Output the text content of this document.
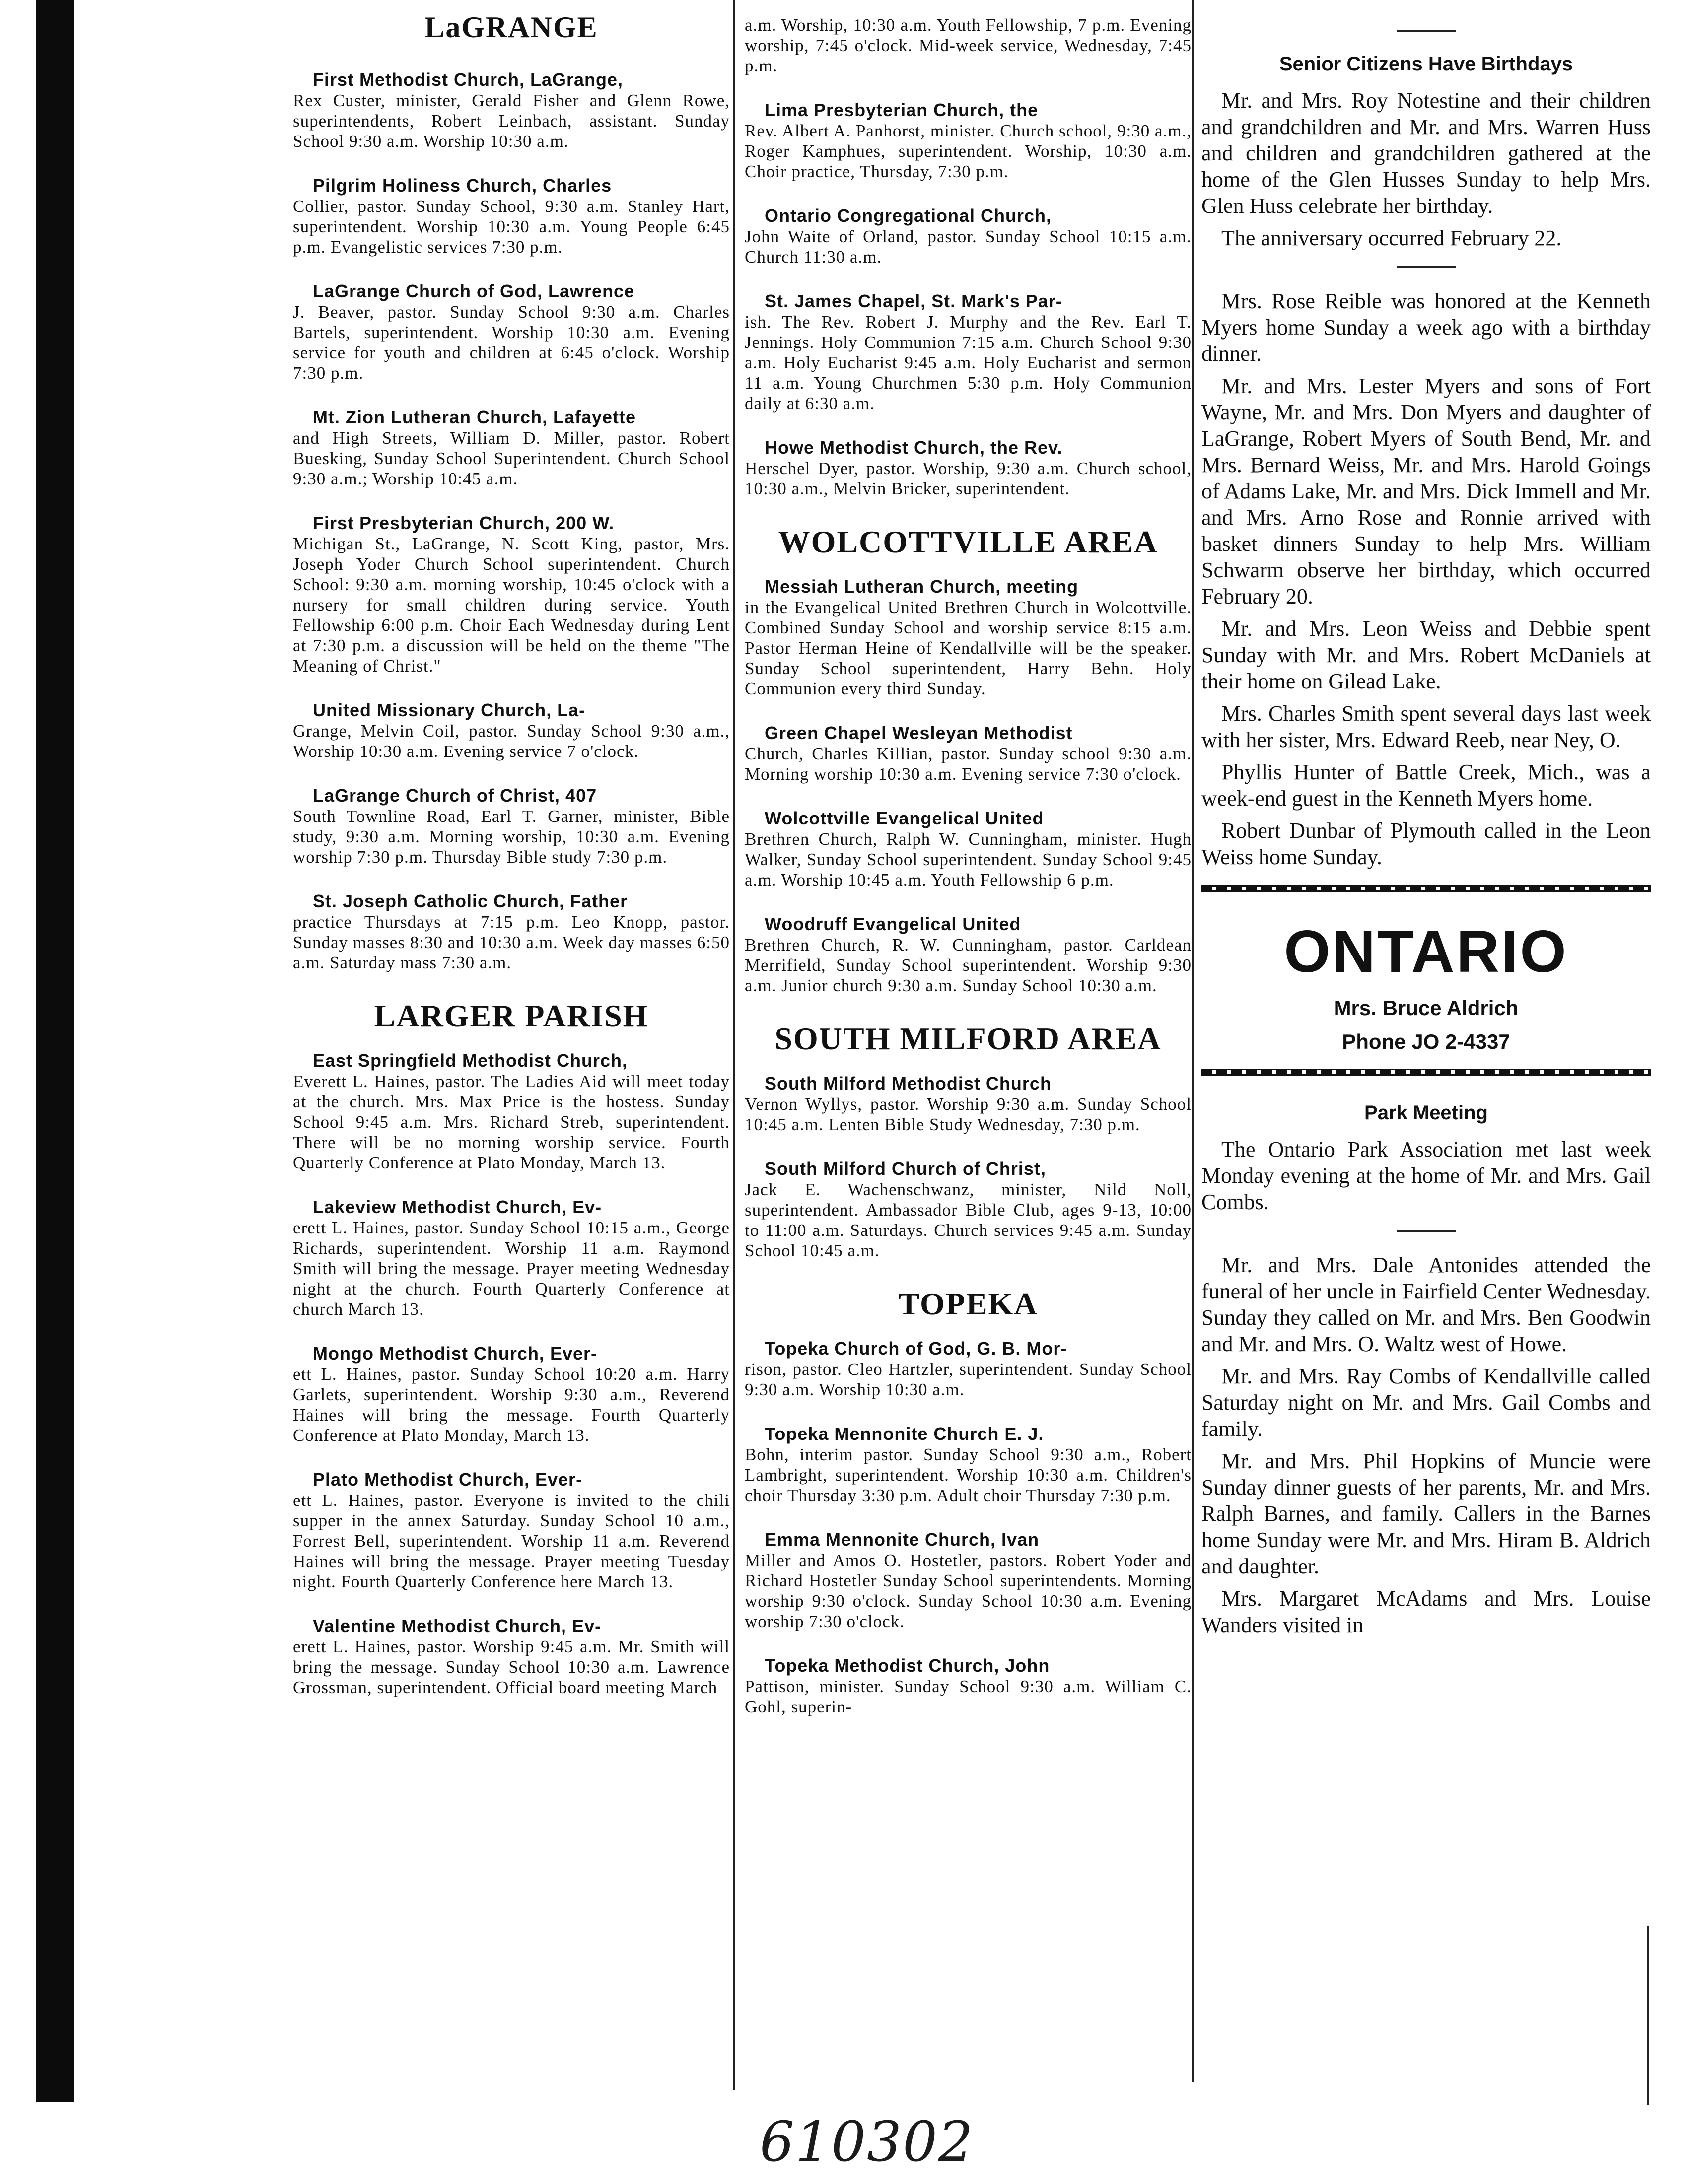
LaGRANGE

First Methodist Church, LaGrange,

Rex Custer, minister, Gerald Fisher and Glenn Rowe, superintendents, Robert Leinbach, assistant. Sunday School 9:30 a.m. Worship 10:30 a.m.

Pilgrim Holiness Church, Charles

Collier, pastor. Sunday School, 9:30 a.m. Stanley Hart, superintendent. Worship 10:30 a.m. Young People 6:45 p.m. Evangelistic services 7:30 p.m.

LaGrange Church of God, Lawrence

J. Beaver, pastor. Sunday School 9:30 a.m. Charles Bartels, superintendent. Worship 10:30 a.m. Evening service for youth and children at 6:45 o'clock. Worship 7:30 p.m.

Mt. Zion Lutheran Church, Lafayette

and High Streets, William D. Miller, pastor. Robert Buesking, Sunday School Superintendent. Church School 9:30 a.m.; Worship 10:45 a.m.

First Presbyterian Church, 200 W.

Michigan St., LaGrange, N. Scott King, pastor, Mrs. Joseph Yoder Church School superintendent. Church School: 9:30 a.m. morning worship, 10:45 o'clock with a nursery for small children during service. Youth Fellowship 6:00 p.m. Choir Each Wednesday during Lent at 7:30 p.m. a discussion will be held on the theme "The Meaning of Christ."

United Missionary Church, La-

Grange, Melvin Coil, pastor. Sunday School 9:30 a.m., Worship 10:30 a.m. Evening service 7 o'clock.

LaGrange Church of Christ, 407

South Townline Road, Earl T. Garner, minister, Bible study, 9:30 a.m. Morning worship, 10:30 a.m. Evening worship 7:30 p.m. Thursday Bible study 7:30 p.m.

St. Joseph Catholic Church, Father

practice Thursdays at 7:15 p.m. Leo Knopp, pastor. Sunday masses 8:30 and 10:30 a.m. Week day masses 6:50 a.m. Saturday mass 7:30 a.m.

LARGER PARISH

East Springfield Methodist Church,

Everett L. Haines, pastor. The Ladies Aid will meet today at the church. Mrs. Max Price is the hostess. Sunday School 9:45 a.m. Mrs. Richard Streb, superintendent. There will be no morning worship service. Fourth Quarterly Conference at Plato Monday, March 13.

Lakeview Methodist Church, Ev-

erett L. Haines, pastor. Sunday School 10:15 a.m., George Richards, superintendent. Worship 11 a.m. Raymond Smith will bring the message. Prayer meeting Wednesday night at the church. Fourth Quarterly Conference at church March 13.

Mongo Methodist Church, Ever-

ett L. Haines, pastor. Sunday School 10:20 a.m. Harry Garlets, superintendent. Worship 9:30 a.m., Reverend Haines will bring the message. Fourth Quarterly Conference at Plato Monday, March 13.

Plato Methodist Church, Ever-

ett L. Haines, pastor. Everyone is invited to the chili supper in the annex Saturday. Sunday School 10 a.m., Forrest Bell, superintendent. Worship 11 a.m. Reverend Haines will bring the message. Prayer meeting Tuesday night. Fourth Quarterly Conference here March 13.

Valentine Methodist Church, Ev-

erett L. Haines, pastor. Worship 9:45 a.m. Mr. Smith will bring the message. Sunday School 10:30 a.m. Lawrence Grossman, superintendent. Official board meeting March

a.m. Worship, 10:30 a.m. Youth Fellowship, 7 p.m. Evening worship, 7:45 o'clock. Mid-week service, Wednesday, 7:45 p.m.

Lima Presbyterian Church, the

Rev. Albert A. Panhorst, minister. Church school, 9:30 a.m., Roger Kamphues, superintendent. Worship, 10:30 a.m. Choir practice, Thursday, 7:30 p.m.

Ontario Congregational Church,

John Waite of Orland, pastor. Sunday School 10:15 a.m. Church 11:30 a.m.

St. James Chapel, St. Mark's Par-

ish. The Rev. Robert J. Murphy and the Rev. Earl T. Jennings. Holy Communion 7:15 a.m. Church School 9:30 a.m. Holy Eucharist 9:45 a.m. Holy Eucharist and sermon 11 a.m. Young Churchmen 5:30 p.m. Holy Communion daily at 6:30 a.m.

Howe Methodist Church, the Rev.

Herschel Dyer, pastor. Worship, 9:30 a.m. Church school, 10:30 a.m., Melvin Bricker, superintendent.

WOLCOTTVILLE AREA

Messiah Lutheran Church, meeting

in the Evangelical United Brethren Church in Wolcottville. Combined Sunday School and worship service 8:15 a.m. Pastor Herman Heine of Kendallville will be the speaker. Sunday School superintendent, Harry Behn. Holy Communion every third Sunday.

Green Chapel Wesleyan Methodist

Church, Charles Killian, pastor. Sunday school 9:30 a.m. Morning worship 10:30 a.m. Evening service 7:30 o'clock.

Wolcottville Evangelical United

Brethren Church, Ralph W. Cunningham, minister. Hugh Walker, Sunday School superintendent. Sunday School 9:45 a.m. Worship 10:45 a.m. Youth Fellowship 6 p.m.

Woodruff Evangelical United

Brethren Church, R. W. Cunningham, pastor. Carldean Merrifield, Sunday School superintendent. Worship 9:30 a.m. Junior church 9:30 a.m. Sunday School 10:30 a.m.

SOUTH MILFORD AREA

South Milford Methodist Church

Vernon Wyllys, pastor. Worship 9:30 a.m. Sunday School 10:45 a.m. Lenten Bible Study Wednesday, 7:30 p.m.

South Milford Church of Christ,

Jack E. Wachenschwanz, minister, Nild Noll, superintendent. Ambassador Bible Club, ages 9-13, 10:00 to 11:00 a.m. Saturdays. Church services 9:45 a.m. Sunday School 10:45 a.m.

TOPEKA

Topeka Church of God, G. B. Mor-

rison, pastor. Cleo Hartzler, superintendent. Sunday School 9:30 a.m. Worship 10:30 a.m.

Topeka Mennonite Church E. J.

Bohn, interim pastor. Sunday School 9:30 a.m., Robert Lambright, superintendent. Worship 10:30 a.m. Children's choir Thursday 3:30 p.m. Adult choir Thursday 7:30 p.m.

Emma Mennonite Church, Ivan

Miller and Amos O. Hostetler, pastors. Robert Yoder and Richard Hostetler Sunday School superintendents. Morning worship 9:30 o'clock. Sunday School 10:30 a.m. Evening worship 7:30 o'clock.

Topeka Methodist Church, John

Pattison, minister. Sunday School 9:30 a.m. William C. Gohl, superin-

Senior Citizens Have Birthdays

Mr. and Mrs. Roy Notestine and their children and grandchildren and Mr. and Mrs. Warren Huss and children and grandchildren gathered at the home of the Glen Husses Sunday to help Mrs. Glen Huss celebrate her birthday.

The anniversary occurred February 22.

Mrs. Rose Reible was honored at the Kenneth Myers home Sunday a week ago with a birthday dinner.

Mr. and Mrs. Lester Myers and sons of Fort Wayne, Mr. and Mrs. Don Myers and daughter of LaGrange, Robert Myers of South Bend, Mr. and Mrs. Bernard Weiss, Mr. and Mrs. Harold Goings of Adams Lake, Mr. and Mrs. Dick Immell and Mr. and Mrs. Arno Rose and Ronnie arrived with basket dinners Sunday to help Mrs. William Schwarm observe her birthday, which occurred February 20.

Mr. and Mrs. Leon Weiss and Debbie spent Sunday with Mr. and Mrs. Robert McDaniels at their home on Gilead Lake.

Mrs. Charles Smith spent several days last week with her sister, Mrs. Edward Reeb, near Ney, O.

Phyllis Hunter of Battle Creek, Mich., was a week-end guest in the Kenneth Myers home.

Robert Dunbar of Plymouth called in the Leon Weiss home Sunday.

ONTARIO
Mrs. Bruce Aldrich
Phone JO 2-4337
Park Meeting

The Ontario Park Association met last week Monday evening at the home of Mr. and Mrs. Gail Combs.

Mr. and Mrs. Dale Antonides attended the funeral of her uncle in Fairfield Center Wednesday. Sunday they called on Mr. and Mrs. Ben Goodwin and Mr. and Mrs. O. Waltz west of Howe.

Mr. and Mrs. Ray Combs of Kendallville called Saturday night on Mr. and Mrs. Gail Combs and family.

Mr. and Mrs. Phil Hopkins of Muncie were Sunday dinner guests of her parents, Mr. and Mrs. Ralph Barnes, and family. Callers in the Barnes home Sunday were Mr. and Mrs. Hiram B. Aldrich and daughter.

Mrs. Margaret McAdams and Mrs. Louise Wanders visited in

610302
